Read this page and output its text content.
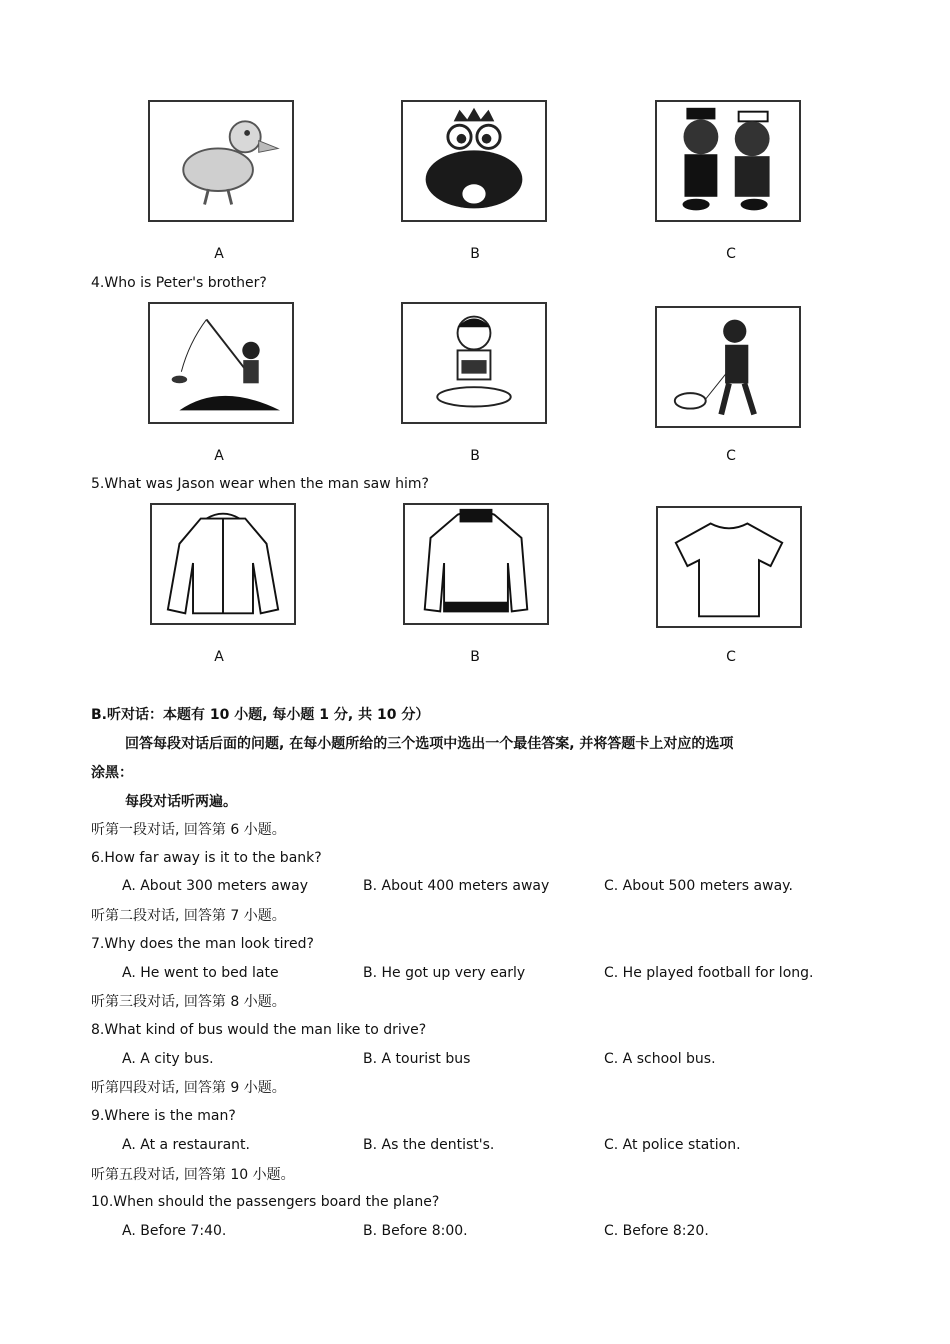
A	B	C
4.Who is Peter's brother?
A	B	C
5.What was Jason wear when the man saw him?
A	B	C
B.听对话：本题有 10 小题, 每小题 1 分, 共 10 分）
回答每段对话后面的问题, 在每小题所给的三个选项中选出一个最佳答案, 并将答题卡上对应的选项
涂黑：
每段对话听两遍。
听第一段对话, 回答第 6 小题。
6.How far away is it to the bank?
A. About 300 meters away	B. About 400 meters away	C. About 500 meters away.
听第二段对话, 回答第 7 小题。
7.Why does the man look tired?
A. He went to bed late	B. He got up very early	C. He played football for long.
听第三段对话, 回答第 8 小题。
8.What kind of bus would the man like to drive?
A. A city bus.	B. A tourist bus	C. A school bus.
听第四段对话, 回答第 9 小题。
9.Where is the man?
A. At a restaurant.	B. As the dentist's.	C. At police station.
听第五段对话, 回答第 10 小题。
10.When should the passengers board the plane?
A. Before 7:40.	B. Before 8:00.	C. Before 8:20.
